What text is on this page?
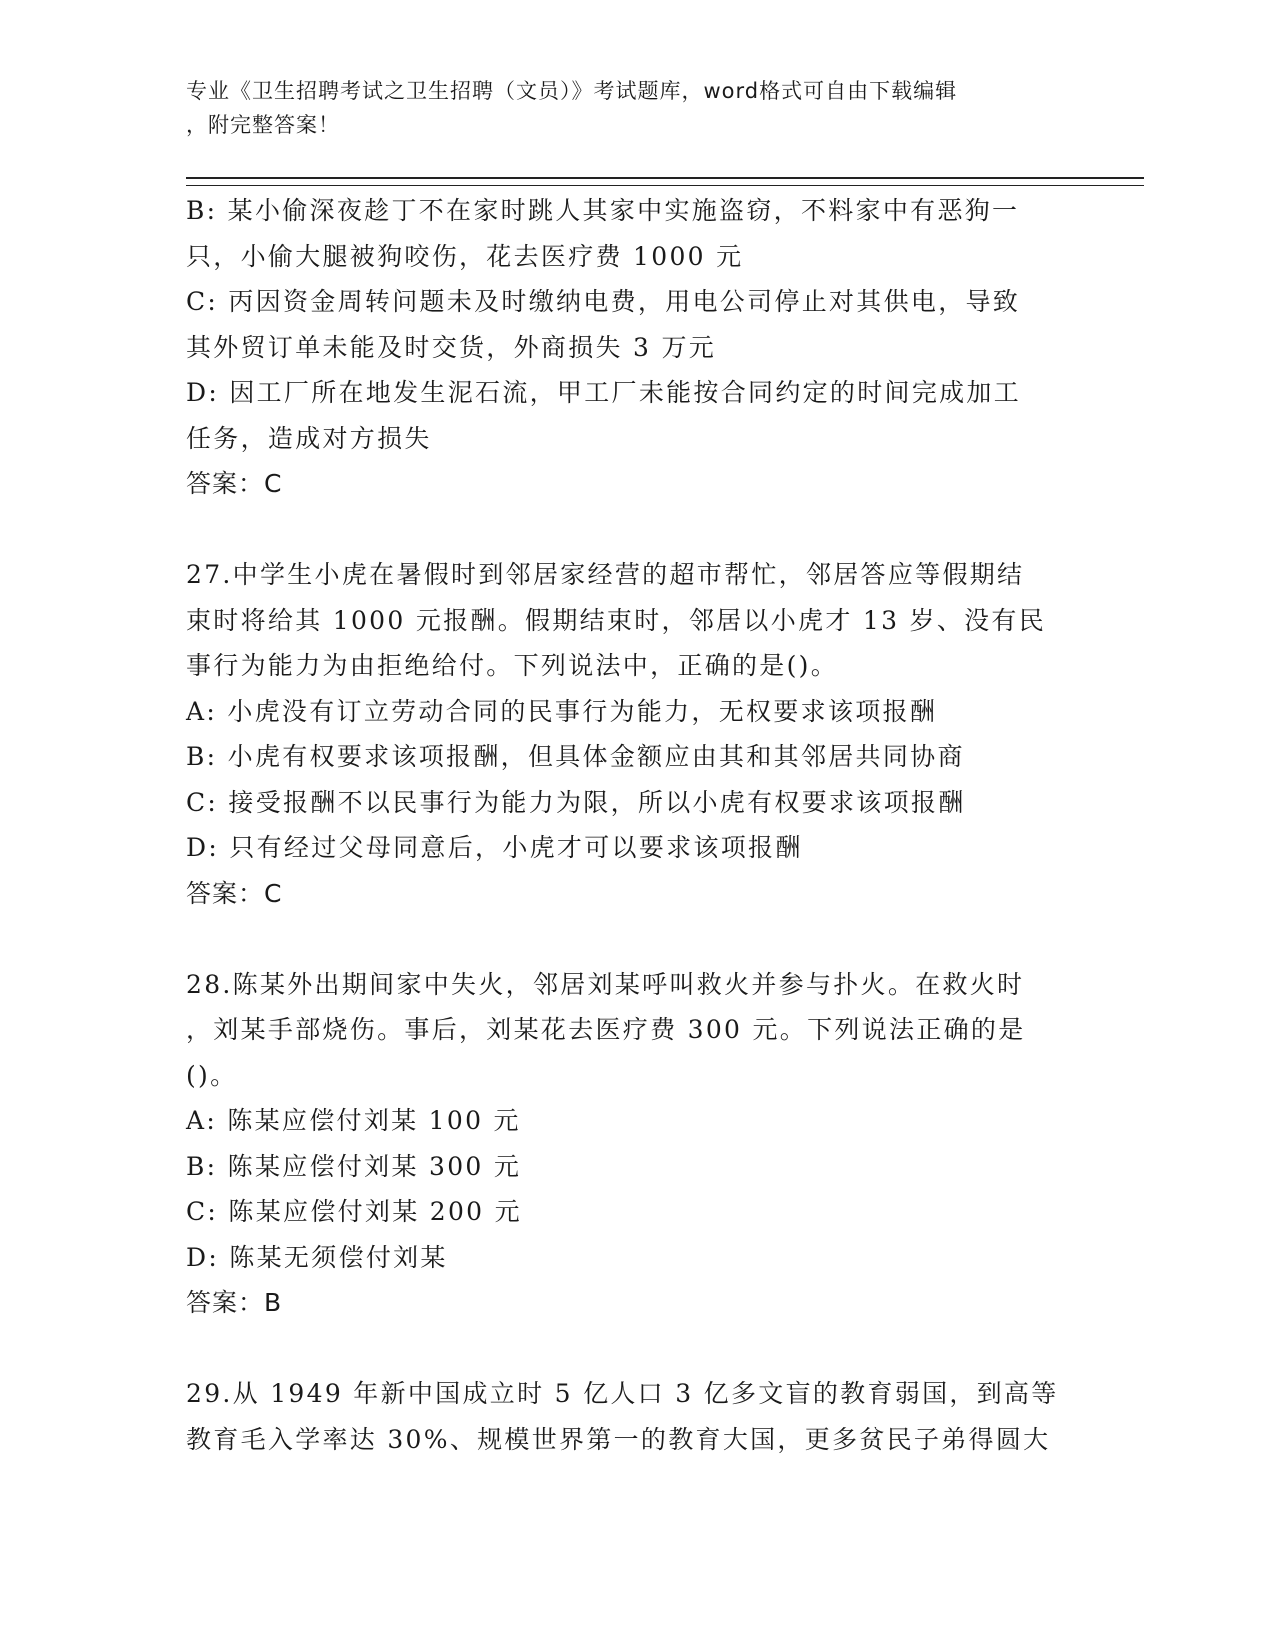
专业《卫生招聘考试之卫生招聘（文员）》考试题库，word格式可自由下载编辑
，附完整答案！
B: 某小偷深夜趁丁不在家时跳人其家中实施盗窃，不料家中有恶狗一
只，小偷大腿被狗咬伤，花去医疗费 1000 元
C: 丙因资金周转问题未及时缴纳电费，用电公司停止对其供电，导致
其外贸订单未能及时交货，外商损失 3 万元
D: 因工厂所在地发生泥石流，甲工厂未能按合同约定的时间完成加工
任务，造成对方损失
答案：C
27.中学生小虎在暑假时到邻居家经营的超市帮忙，邻居答应等假期结
束时将给其 1000 元报酬。假期结束时，邻居以小虎才 13 岁、没有民
事行为能力为由拒绝给付。下列说法中，正确的是()。
A: 小虎没有订立劳动合同的民事行为能力，无权要求该项报酬
B: 小虎有权要求该项报酬，但具体金额应由其和其邻居共同协商
C: 接受报酬不以民事行为能力为限，所以小虎有权要求该项报酬
D: 只有经过父母同意后，小虎才可以要求该项报酬
答案：C
28.陈某外出期间家中失火，邻居刘某呼叫救火并参与扑火。在救火时
，刘某手部烧伤。事后，刘某花去医疗费 300 元。下列说法正确的是
()。
A: 陈某应偿付刘某 100 元
B: 陈某应偿付刘某 300 元
C: 陈某应偿付刘某 200 元
D: 陈某无须偿付刘某
答案：B
29.从 1949 年新中国成立时 5 亿人口 3 亿多文盲的教育弱国，到高等
教育毛入学率达 30%、规模世界第一的教育大国，更多贫民子弟得圆大
